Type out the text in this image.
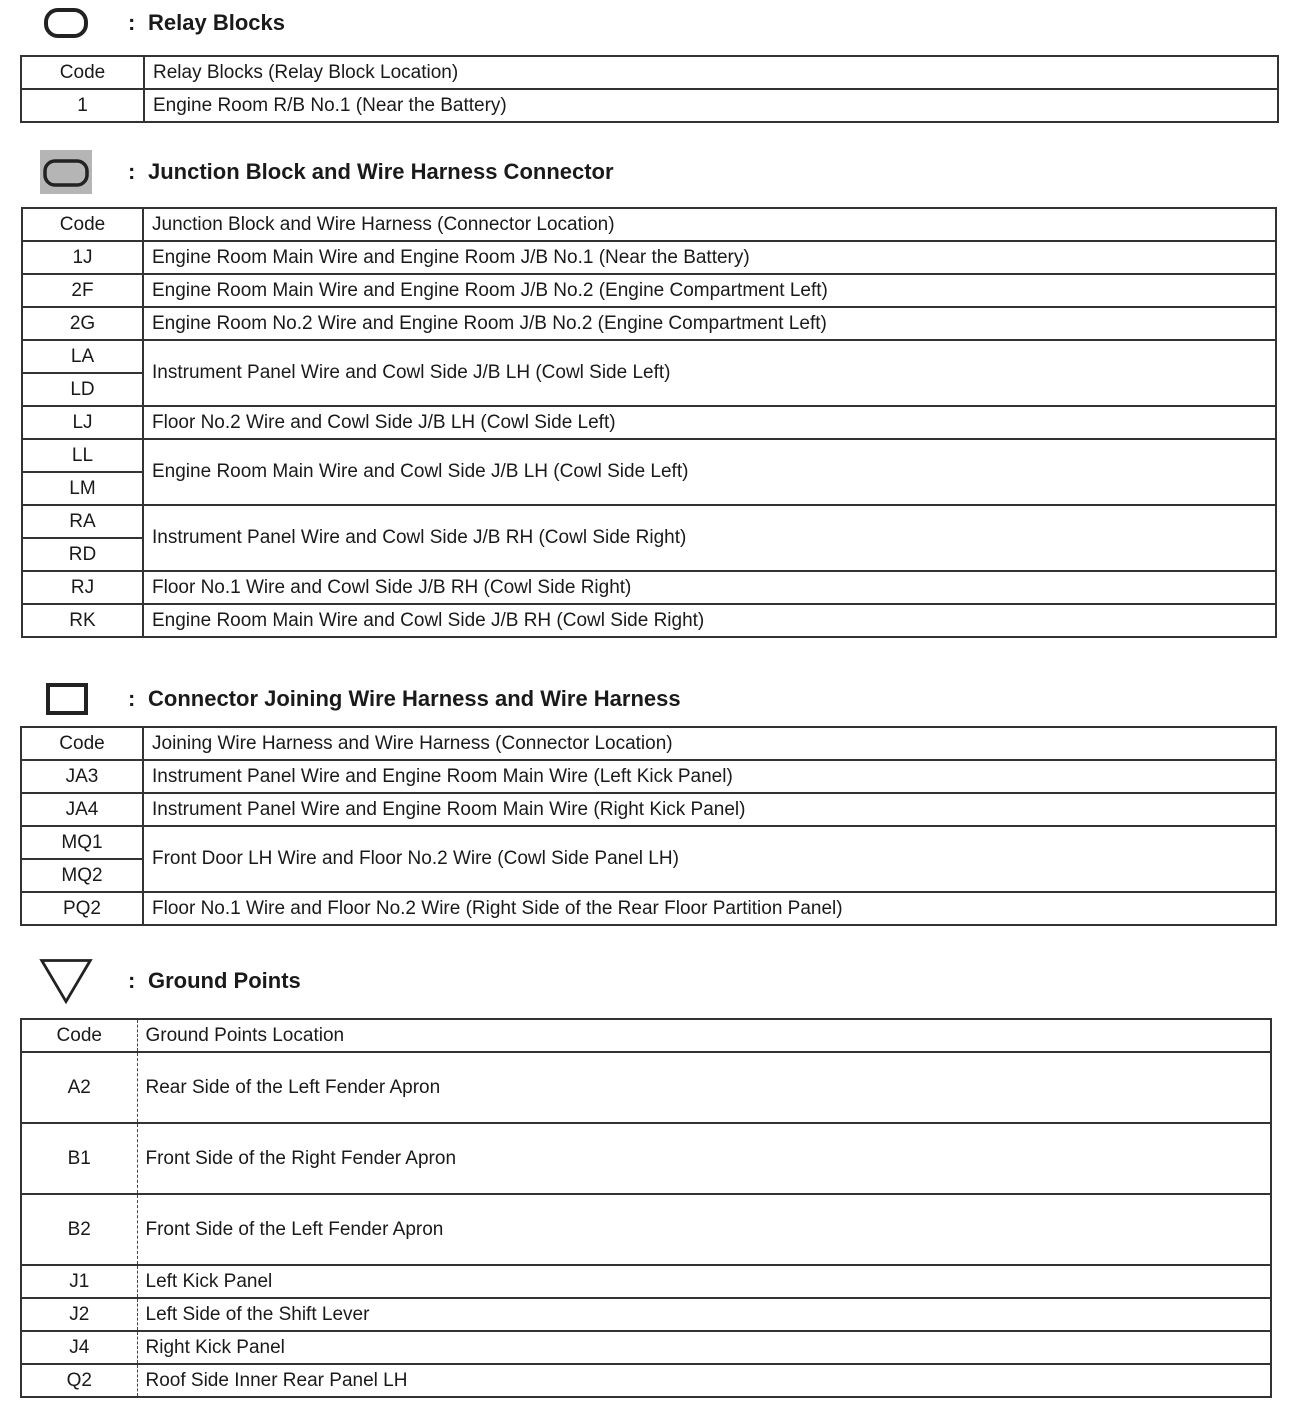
: Relay Blocks
Code	Relay Blocks (Relay Block Location)
1	Engine Room R/B No.1 (Near the Battery)
: Junction Block and Wire Harness Connector
Code	Junction Block and Wire Harness (Connector Location)
1J	Engine Room Main Wire and Engine Room J/B No.1 (Near the Battery)
2F	Engine Room Main Wire and Engine Room J/B No.2 (Engine Compartment Left)
2G	Engine Room No.2 Wire and Engine Room J/B No.2 (Engine Compartment Left)
LA	Instrument Panel Wire and Cowl Side J/B LH (Cowl Side Left)
LD	
LJ	Floor No.2 Wire and Cowl Side J/B LH (Cowl Side Left)
LL	Engine Room Main Wire and Cowl Side J/B LH (Cowl Side Left)
LM	
RA	Instrument Panel Wire and Cowl Side J/B RH (Cowl Side Right)
RD	
RJ	Floor No.1 Wire and Cowl Side J/B RH (Cowl Side Right)
RK	Engine Room Main Wire and Cowl Side J/B RH (Cowl Side Right)
: Connector Joining Wire Harness and Wire Harness
Code	Joining Wire Harness and Wire Harness (Connector Location)
JA3	Instrument Panel Wire and Engine Room Main Wire (Left Kick Panel)
JA4	Instrument Panel Wire and Engine Room Main Wire (Right Kick Panel)
MQ1	Front Door LH Wire and Floor No.2 Wire (Cowl Side Panel LH)
MQ2	
PQ2	Floor No.1 Wire and Floor No.2 Wire (Right Side of the Rear Floor Partition Panel)
: Ground Points
Code	Ground Points Location
A2	Rear Side of the Left Fender Apron
B1	Front Side of the Right Fender Apron
B2	Front Side of the Left Fender Apron
J1	Left Kick Panel
J2	Left Side of the Shift Lever
J4	Right Kick Panel
Q2	Roof Side Inner Rear Panel LH
